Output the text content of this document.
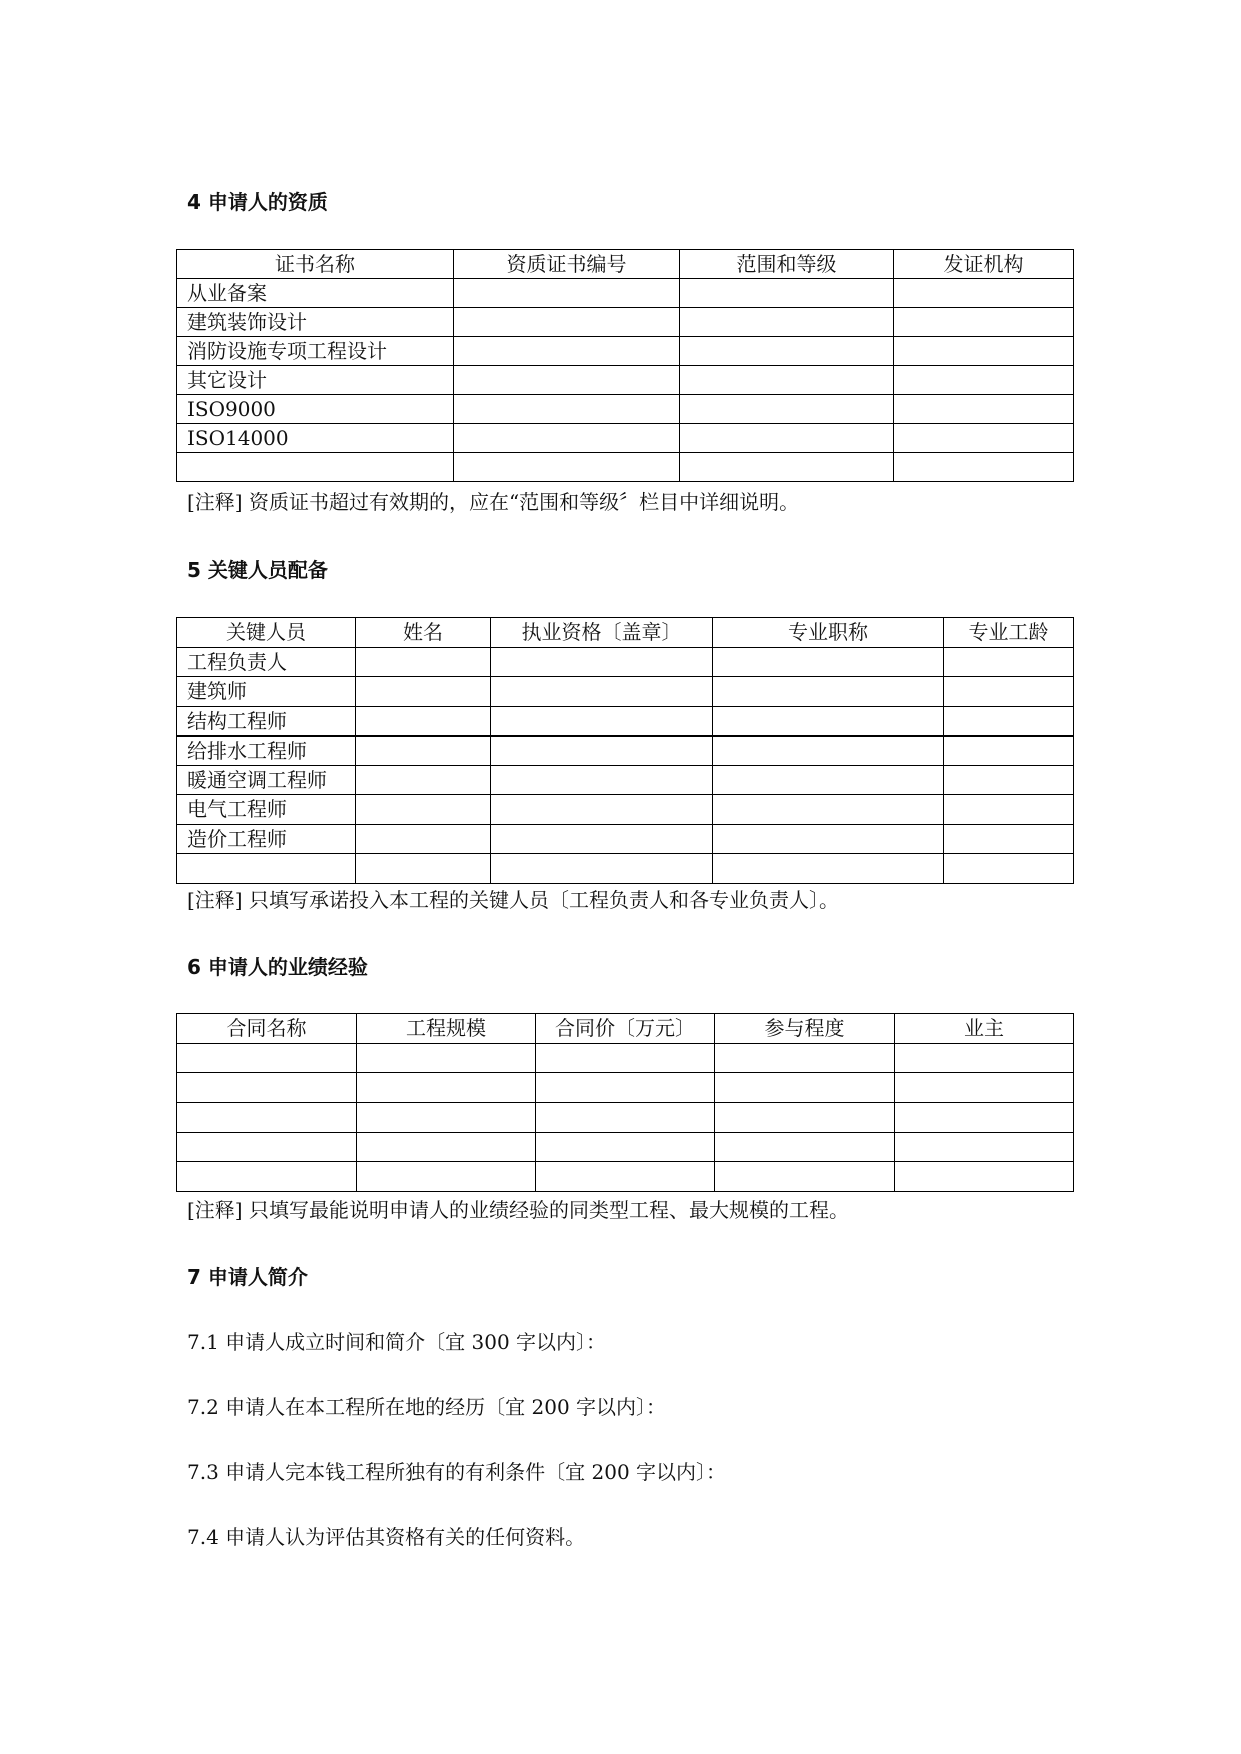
4 申请人的资质
证书名称	资质证书编号	范围和等级	发证机构
从业备案			
建筑装饰设计			
消防设施专项工程设计			
其它设计			
ISO9000			
ISO14000			

[注释] 资质证书超过有效期的，应在“范围和等级〞栏目中详细说明。
5 关键人员配备
关键人员	姓名	执业资格〔盖章〕	专业职称	专业工龄
工程负责人				
建筑师				
结构工程师				
给排水工程师				
暖通空调工程师				
电气工程师				
造价工程师				

[注释] 只填写承诺投入本工程的关键人员〔工程负责人和各专业负责人〕。
6 申请人的业绩经验
合同名称	工程规模	合同价〔万元〕	参与程度	业主

[注释] 只填写最能说明申请人的业绩经验的同类型工程、最大规模的工程。
7 申请人简介
7.1 申请人成立时间和简介〔宜 300 字以内〕：
7.2 申请人在本工程所在地的经历〔宜 200 字以内〕：
7.3 申请人完本钱工程所独有的有利条件〔宜 200 字以内〕：
7.4 申请人认为评估其资格有关的任何资料。
